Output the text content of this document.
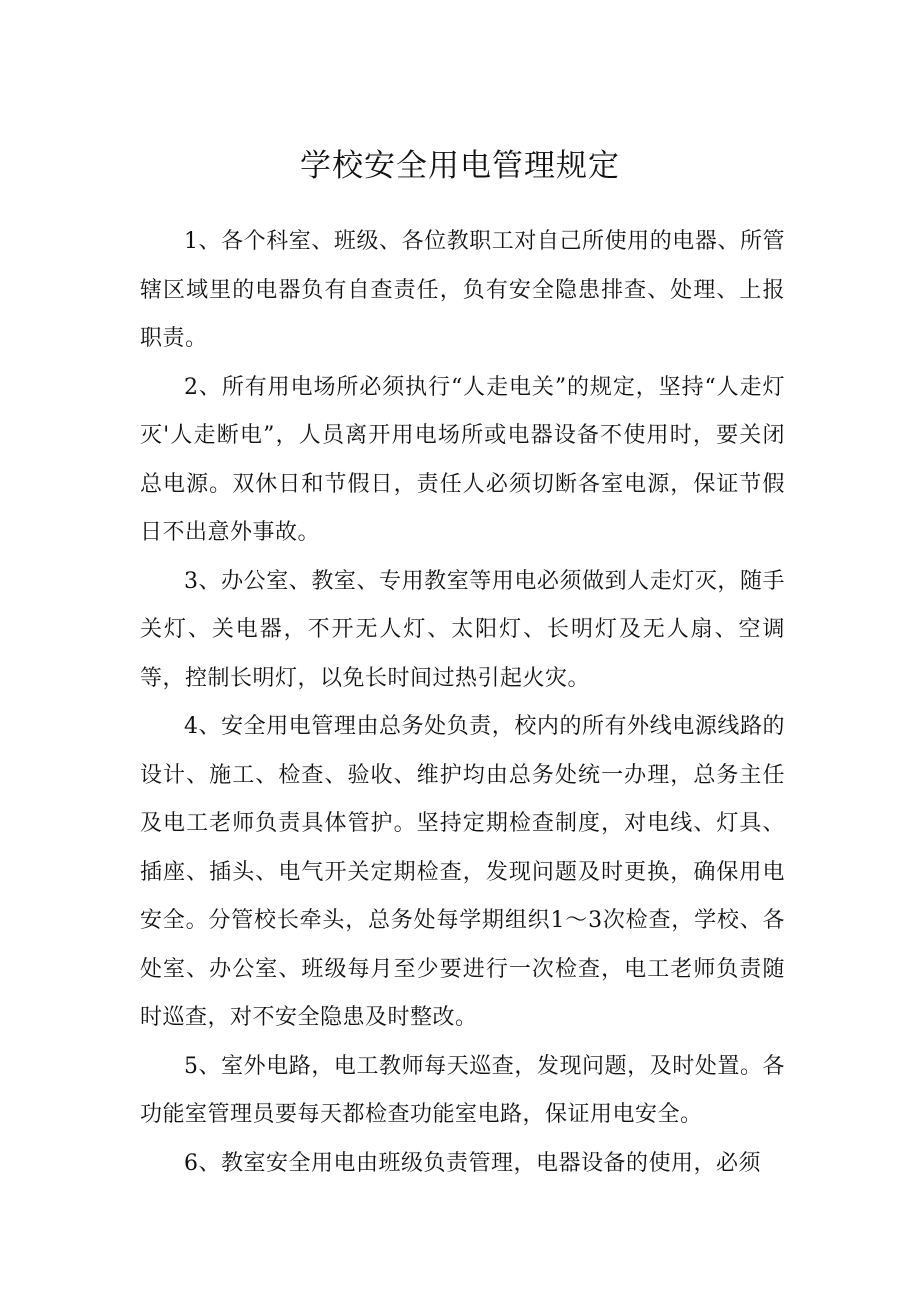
学校安全用电管理规定

1、各个科室、班级、各位教职工对自己所使用的电器、所管辖区域里的电器负有自查责任，负有安全隐患排查、处理、上报职责。

2、所有用电场所必须执行“人走电关”的规定，坚持“人走灯灭'人走断电”，人员离开用电场所或电器设备不使用时，要关闭总电源。双休日和节假日，责任人必须切断各室电源，保证节假日不出意外事故。

3、办公室、教室、专用教室等用电必须做到人走灯灭，随手关灯、关电器，不开无人灯、太阳灯、长明灯及无人扇、空调等，控制长明灯，以免长时间过热引起火灾。

4、安全用电管理由总务处负责，校内的所有外线电源线路的设计、施工、检查、验收、维护均由总务处统一办理，总务主任及电工老师负责具体管护。坚持定期检查制度，对电线、灯具、插座、插头、电气开关定期检查，发现问题及时更换，确保用电安全。分管校长牵头，总务处每学期组织1～3次检查，学校、各处室、办公室、班级每月至少要进行一次检查，电工老师负责随时巡查，对不安全隐患及时整改。

5、室外电路，电工教师每天巡查，发现问题，及时处置。各功能室管理员要每天都检查功能室电路，保证用电安全。

6、教室安全用电由班级负责管理，电器设备的使用，必须
